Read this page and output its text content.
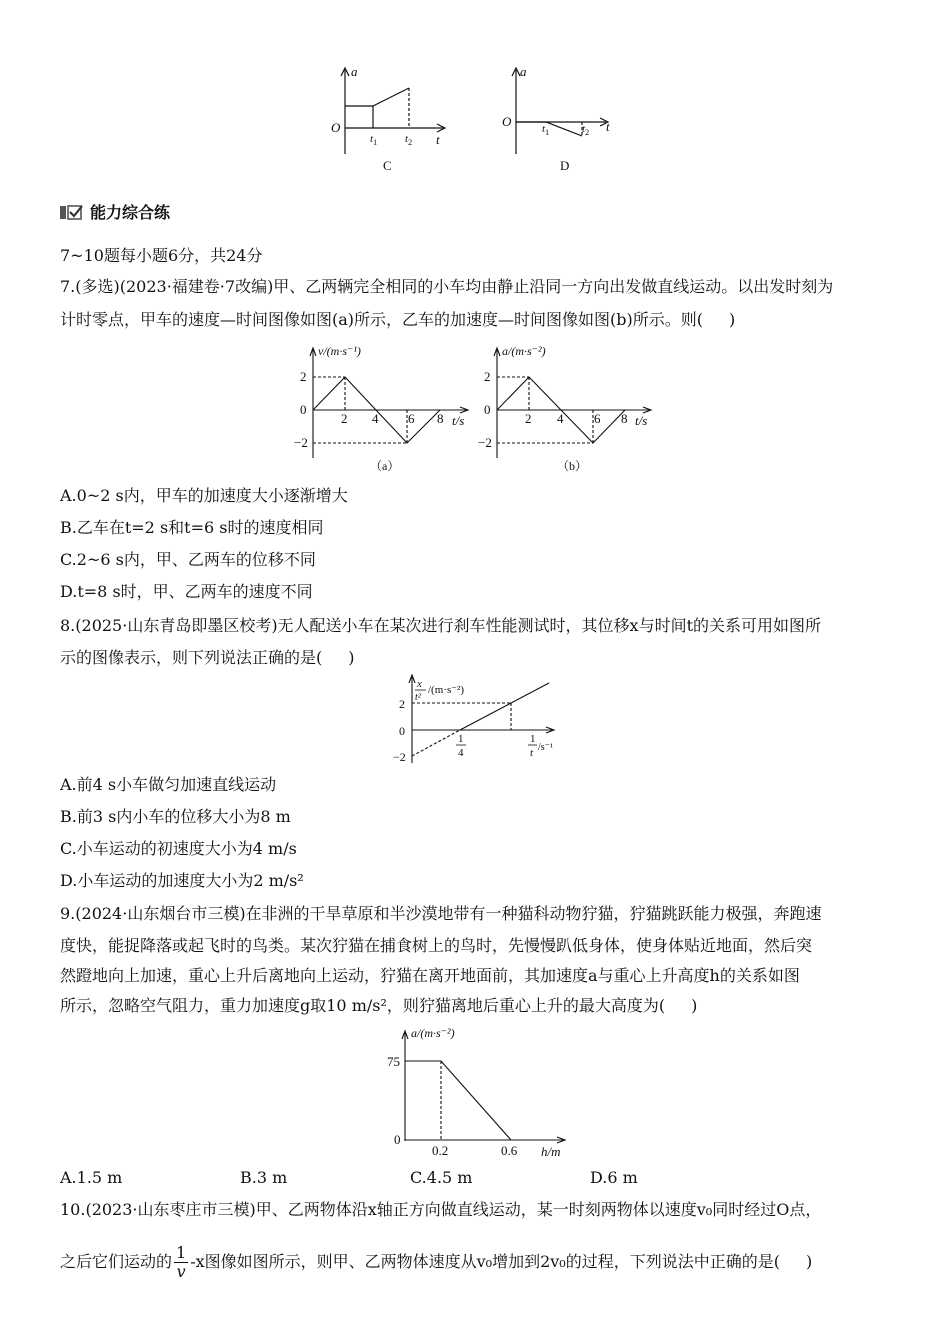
a
O
t
$t_1$	$t_2$
C
a
O	t
$t_1$	$t_2$
D
能力综合练
7~10题每小题6分，共24分
7.(多选)(2023·福建卷·7改编)甲、乙两辆完全相同的小车均由静止沿同一方向出发做直线运动。以出发时刻为
计时零点，甲车的速度—时间图像如图(a)所示，乙车的加速度—时间图像如图(b)所示。则( )
v/(m·s⁻¹)
2
0
−2
2 4 6 8 t/s
（a）
a/(m·s⁻²)
2
0
−2
2 4 6 8 t/s
（b）
A.0~2 s内，甲车的加速度大小逐渐增大
B.乙车在t=2 s和t=6 s时的速度相同
C.2~6 s内，甲、乙两车的位移不同
D.t=8 s时，甲、乙两车的速度不同
8.(2025·山东青岛即墨区校考)无人配送小车在某次进行刹车性能测试时，其位移x与时间t的关系可用如图所
示的图像表示，则下列说法正确的是( )
x
t²
/(m·s⁻²)
2
0
−2
1
4
1
t /s⁻¹
A.前4 s小车做匀加速直线运动
B.前3 s内小车的位移大小为8 m
C.小车运动的初速度大小为4 m/s
D.小车运动的加速度大小为2 m/s²
9.(2024·山东烟台市三模)在非洲的干旱草原和半沙漠地带有一种猫科动物狞猫，狞猫跳跃能力极强，奔跑速
度快，能捉降落或起飞时的鸟类。某次狞猫在捕食树上的鸟时，先慢慢趴低身体，使身体贴近地面，然后突
然蹬地向上加速，重心上升后离地向上运动，狞猫在离开地面前，其加速度a与重心上升高度h的关系如图
所示，忽略空气阻力，重力加速度g取10 m/s²，则狞猫离地后重心上升的最大高度为( )
a/(m·s⁻²)
75
0
0.2	0.6 h/m
A.1.5 m	B.3 m	C.4.5 m	D.6 m
10.(2023·山东枣庄市三模)甲、乙两物体沿x轴正方向做直线运动，某一时刻两物体以速度v₀同时经过O点，
之后它们运动的 $\frac{1}{v} -x$图像如图所示，则甲、乙两物体速度从v₀增加到2v₀的过程，下列说法中正确的是( )
